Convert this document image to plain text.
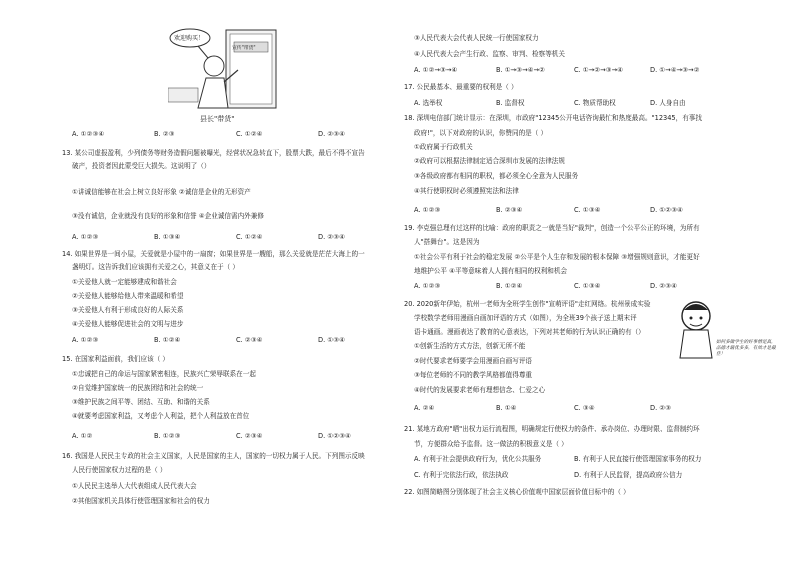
欢迎购买！
宣传"带货"
县长"带货"
A. ①②③④	B. ②③	C. ①②④	D. ②③④
13. 某公司虚报盈利，少列债务等财务造假问题被曝光，经营状况急转直下，股票大跌，最后不得不宣告
破产，投资者因此蒙受巨大损失。这说明了（）
①讲诚信能够在社会上树立良好形象 ②诚信是企业的无形资产
③没有诚信，企业就没有良好的形象和信誉 ④企业诚信需内外兼修
A. ①②③	B. ①③④	C. ①②④	D. ②③④
14. 如果世界是一间小屋，关爱就是小屋中的一扇窗；如果世界是一艘船，那么关爱就是茫茫大海上的一
盏明灯。这告诉我们应该拥有关爱之心，其意义在于（ ）
①关爱他人就一定能够建成和谐社会
②关爱他人能够给他人带来温暖和希望
③关爱他人有利于形成良好的人际关系
④关爱他人能够促进社会的文明与进步
A. ①②③	B. ①②④	C. ②③④	D. ①③④
15. 在国家利益面前，我们应该（ ）
①忠诚把自己的命运与国家紧密相连，民族兴亡荣辱联系在一起
②自觉维护国家统一的民族团结和社会的统一
③维护民族之间平等、团结、互助、和谐的关系
④就要考虑国家利益，又考虑个人利益，把个人利益放在首位
A. ①②	B. ①②③	C. ②③④	D. ①②③④
16. 我国是人民民主专政的社会主义国家，人民是国家的主人，国家的一切权力属于人民。下列图示反映
人民行使国家权力过程的是（ ）
①人民民主选举人大代表组成人民代表大会
②其他国家机关具体行使管理国家和社会的权力
③人民代表大会代表人民统一行使国家权力
④人民代表大会产生行政、监察、审判、检察等机关
A. ①②→③→④	B. ①→③→④→②	C. ①→②→③→④	D. ①→④→③→②
17. 公民最基本、最重要的权利是（ ）
A. 选举权	B. 监督权	C. 物质帮助权	D. 人身自由
18. 深圳电信部门统计显示：在深圳，市政府"12345公开电话咨询最忙和热度最高。"12345，有事找
政府!"，以下对政府的认识，你赞同的是（ ）
①政府属于行政机关
②政府可以根据法律制定适合深圳市发展的法律法规
③各级政府都有相同的职权，都必须全心全意为人民服务
④其行使职权时必须遵照宪法和法律
A. ①②③	B. ②③④	C. ①③④	D. ①②③④
19. 李克强总理有过这样的比喻：政府的职责之一就是当好"裁判"，创造一个公平公正的环境，为所有
人"搭舞台"。这是因为
①社会公平有利于社会的稳定发展 ②公平是个人生存和发展的根本保障 ③增强规则意识，才能更好
地维护公平 ④平等意味着人人拥有相同的权利和机会
A. ①②③	B. ①②④	C. ①③④	D. ②③④
20. 2020新年伊始，杭州一老师为全班学生创作"宣萌评语"走红网络。杭州景成实验
学校数学老师用漫画自画加评语的方式（如图），为全班39个孩子送上期末评
语卡通画。漫画表达了教育的心意表达，下列对其老师的行为认识正确的有（）
①创新生活的方式方法，创新无所不能
②时代要求老师要学会用漫画自画写评语
③每位老师的不同的教学风格都值得尊重
④时代的发展要求老师有理想信念、仁爱之心
如何多做学生的好事情是真，品德才最优多多，有效才是最佳！
A. ②④	B. ①④	C. ③④	D. ②③
21. 某地方政府"晒"出权力运行流程图，明确规定行使权力的条件、承办岗位、办理时限、监督制约环
节，方便群众给予监督。这一做法的积极意义是（ ）
A. 有利于社会提供政府行为，优化公共服务	B. 有利于人民直接行使管理国家事务的权力
C. 有利于完依法行政，依法执政	D. 有利于人民监督，提高政府公信力
22. 如图简略图分别体现了社会主义核心价值观中国家层面价值目标中的（ ）
